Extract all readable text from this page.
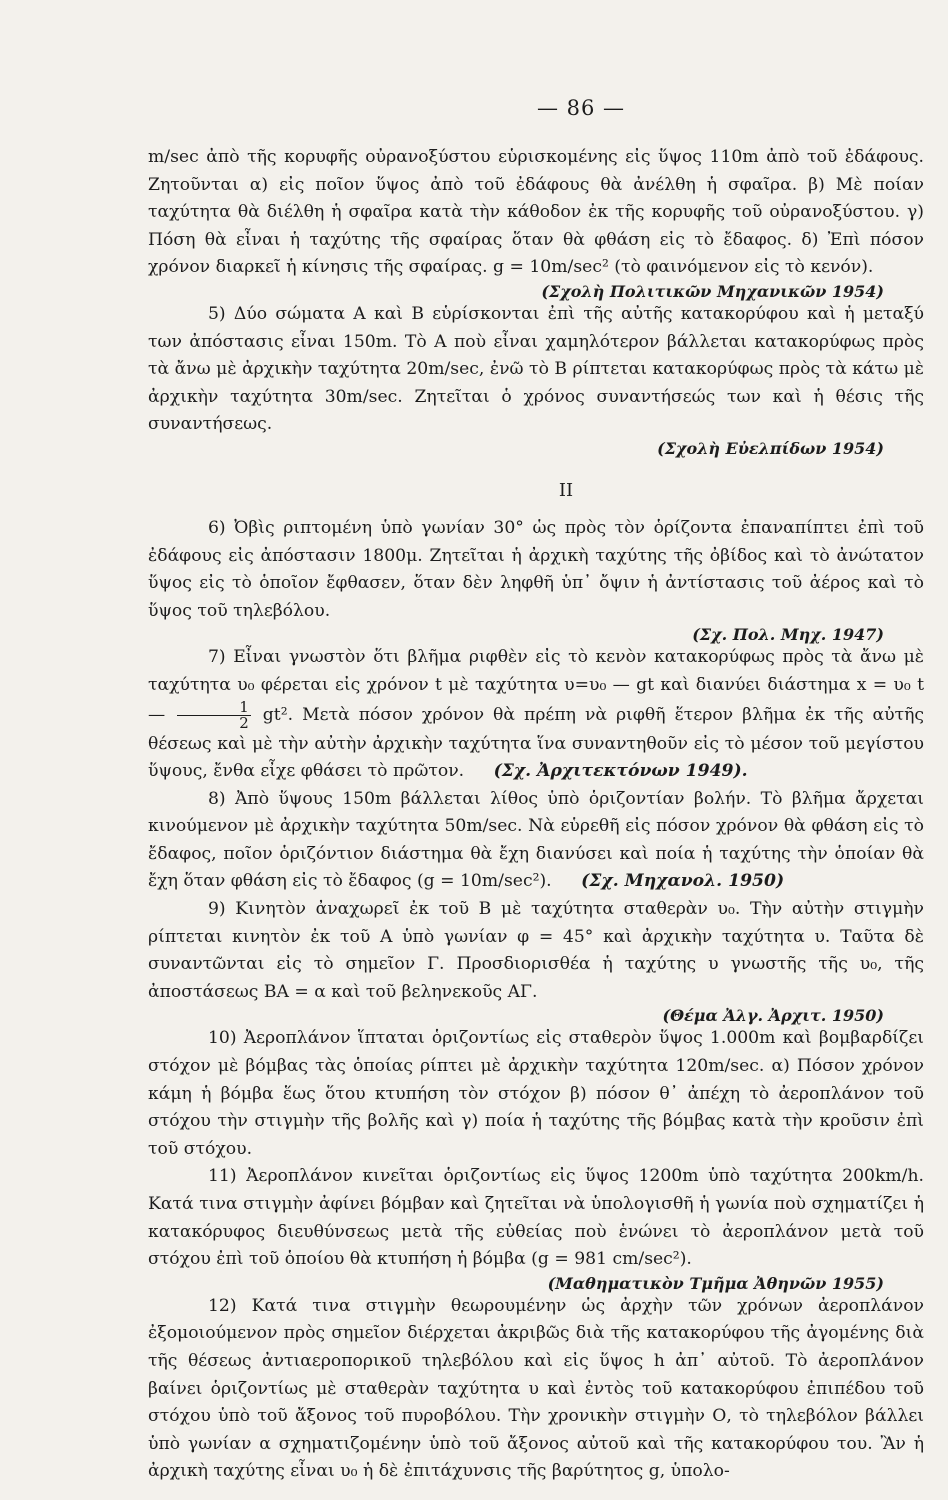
— 86 —

m/sec ἀπὸ τῆς κορυφῆς οὐρανοξύστου εὑρισκομένης εἰς ὕψος 110m ἀπὸ τοῦ ἐδάφους. Ζητοῦνται α) εἰς ποῖον ὕψος ἀπὸ τοῦ ἐδάφους θὰ ἀνέλθη ἡ σφαῖρα. β) Μὲ ποίαν ταχύτητα θὰ διέλθη ἡ σφαῖρα κατὰ τὴν κάθοδον ἐκ τῆς κορυφῆς τοῦ οὐρανοξύστου. γ) Πόση θὰ εἶναι ἡ ταχύτης τῆς σφαίρας ὅταν θὰ φθάση εἰς τὸ ἔδαφος. δ) Ἐπὶ πόσον χρόνον διαρκεῖ ἡ κίνησις τῆς σφαίρας. g = 10m/sec² (τὸ φαινόμενον εἰς τὸ κενόν).

(Σχολὴ Πολιτικῶν Μηχανικῶν 1954)

5) Δύο σώματα Α καὶ Β εὑρίσκονται ἐπὶ τῆς αὐτῆς κατακορύφου καὶ ἡ μεταξύ των ἀπόστασις εἶναι 150m. Τὸ Α ποὺ εἶναι χαμηλότερον βάλλεται κατακορύφως πρὸς τὰ ἄνω μὲ ἀρχικὴν ταχύτητα 20m/sec, ἐνῶ τὸ Β ρίπτεται κατακορύφως πρὸς τὰ κάτω μὲ ἀρχικὴν ταχύτητα 30m/sec. Ζητεῖται ὁ χρόνος συναντήσεώς των καὶ ἡ θέσις τῆς συναντήσεως.

(Σχολὴ Εὐελπίδων 1954)
II

6) Ὀβὶς ριπτομένη ὑπὸ γωνίαν 30° ὡς πρὸς τὸν ὁρίζοντα ἐπαναπίπτει ἐπὶ τοῦ ἐδάφους εἰς ἀπόστασιν 1800μ. Ζητεῖται ἡ ἀρχικὴ ταχύτης τῆς ὀβίδος καὶ τὸ ἀνώτατον ὕψος εἰς τὸ ὁποῖον ἔφθασεν, ὅταν δὲν ληφθῆ ὑπ᾽ ὄψιν ἡ ἀντίστασις τοῦ ἀέρος καὶ τὸ ὕψος τοῦ τηλεβόλου.

(Σχ. Πολ. Μηχ. 1947)

7) Εἶναι γνωστὸν ὅτι βλῆμα ριφθὲν εἰς τὸ κενὸν κατακορύφως πρὸς τὰ ἄνω μὲ ταχύτητα υ₀ φέρεται εἰς χρόνον t μὲ ταχύτητα υ=υ₀ — gt καὶ διανύει διάστημα x = υ₀ t — $\frac{1}{2} gt^2$. Μετὰ πόσον χρόνον θὰ πρέπη νὰ ριφθῆ ἕτερον βλῆμα ἐκ τῆς αὐτῆς θέσεως καὶ μὲ τὴν αὐτὴν ἀρχικὴν ταχύτητα ἵνα συναντηθοῦν εἰς τὸ μέσον τοῦ μεγίστου ὕψους, ἔνθα εἶχε φθάσει τὸ πρῶτον. (Σχ. Ἀρχιτεκτόνων 1949).

8) Ἀπὸ ὕψους 150m βάλλεται λίθος ὑπὸ ὁριζοντίαν βολήν. Τὸ βλῆμα ἄρχεται κινούμενον μὲ ἀρχικὴν ταχύτητα 50m/sec. Νὰ εὑρεθῆ εἰς πόσον χρόνον θὰ φθάση εἰς τὸ ἔδαφος, ποῖον ὁριζόντιον διάστημα θὰ ἔχη διανύσει καὶ ποία ἡ ταχύτης τὴν ὁποίαν θὰ ἔχη ὅταν φθάση εἰς τὸ ἔδαφος (g = 10m/sec²). (Σχ. Μηχανολ. 1950)

9) Κινητὸν ἀναχωρεῖ ἐκ τοῦ Β μὲ ταχύτητα σταθερὰν υ₀. Τὴν αὐτὴν στιγμὴν ρίπτεται κινητὸν ἐκ τοῦ Α ὑπὸ γωνίαν φ = 45° καὶ ἀρχικὴν ταχύτητα υ. Ταῦτα δὲ συναντῶνται εἰς τὸ σημεῖον Γ. Προσδιορισθέα ἡ ταχύτης υ γνωστῆς τῆς υ₀, τῆς ἀποστάσεως ΒΑ = α καὶ τοῦ βεληνεκοῦς ΑΓ.

(Θέμα Ἀλγ. Ἀρχιτ. 1950)

10) Ἀεροπλάνον ἵπταται ὁριζοντίως εἰς σταθερὸν ὕψος 1.000m καὶ βομβαρδίζει στόχον μὲ βόμβας τὰς ὁποίας ρίπτει μὲ ἀρχικὴν ταχύτητα 120m/sec. α) Πόσον χρόνον κάμη ἡ βόμβα ἕως ὅτου κτυπήση τὸν στόχον β) πόσον θ᾽ ἀπέχη τὸ ἀεροπλάνον τοῦ στόχου τὴν στιγμὴν τῆς βολῆς καὶ γ) ποία ἡ ταχύτης τῆς βόμβας κατὰ τὴν κροῦσιν ἐπὶ τοῦ στόχου.

11) Ἀεροπλάνον κινεῖται ὁριζοντίως εἰς ὕψος 1200m ὑπὸ ταχύτητα 200km/h. Κατά τινα στιγμὴν ἀφίνει βόμβαν καὶ ζητεῖται νὰ ὑπολογισθῆ ἡ γωνία ποὺ σχηματίζει ἡ κατακόρυφος διευθύνσεως μετὰ τῆς εὐθείας ποὺ ἑνώνει τὸ ἀεροπλάνον μετὰ τοῦ στόχου ἐπὶ τοῦ ὁποίου θὰ κτυπήση ἡ βόμβα (g = 981 cm/sec²).

(Μαθηματικὸν Τμῆμα Ἀθηνῶν 1955)

12) Κατά τινα στιγμὴν θεωρουμένην ὡς ἀρχὴν τῶν χρόνων ἀεροπλάνον ἐξομοιούμενον πρὸς σημεῖον διέρχεται ἀκριβῶς διὰ τῆς κατακορύφου τῆς ἀγομένης διὰ τῆς θέσεως ἀντιαεροπορικοῦ τηλεβόλου καὶ εἰς ὕψος h ἀπ᾽ αὐτοῦ. Τὸ ἀεροπλάνον βαίνει ὁριζοντίως μὲ σταθερὰν ταχύτητα υ καὶ ἐντὸς τοῦ κατακορύφου ἐπιπέδου τοῦ στόχου ὑπὸ τοῦ ἄξονος τοῦ πυροβόλου. Τὴν χρονικὴν στιγμὴν Ο, τὸ τηλεβόλον βάλλει ὑπὸ γωνίαν α σχηματιζομένην ὑπὸ τοῦ ἄξονος αὐτοῦ καὶ τῆς κατακορύφου του. Ἂν ἡ ἀρχικὴ ταχύτης εἶναι υ₀ ἡ δὲ ἐπιτάχυνσις τῆς βαρύτητος g, ὑπολο-
